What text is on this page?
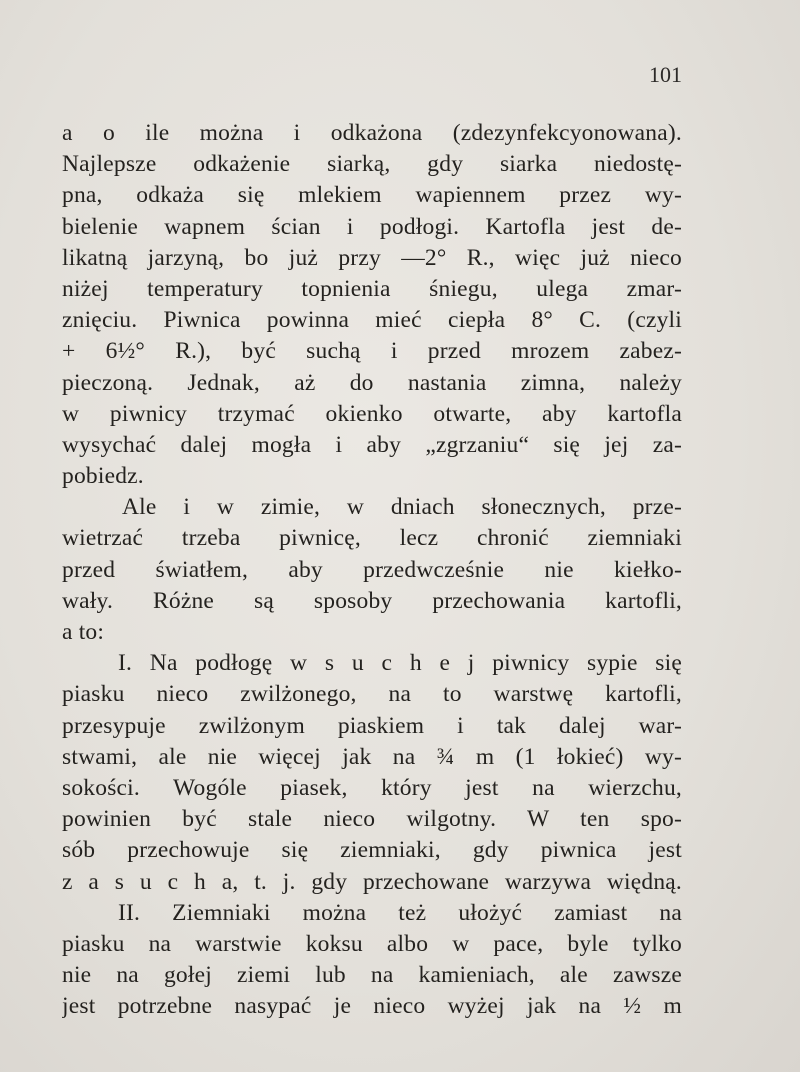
101
a o ile można i odkażona (zdezynfekcyonowana).
Najlepsze odkażenie siarką, gdy siarka niedostę-
pna, odkaża się mlekiem wapiennem przez wy-
bielenie wapnem ścian i podłogi. Kartofla jest de-
likatną jarzyną, bo już przy —2° R., więc już nieco
niżej temperatury topnienia śniegu, ulega zmar-
znięciu. Piwnica powinna mieć ciepła 8° C. (czyli
+ 6½° R.), być suchą i przed mrozem zabez-
pieczoną. Jednak, aż do nastania zimna, należy
w piwnicy trzymać okienko otwarte, aby kartofla
wysychać dalej mogła i aby „zgrzaniu“ się jej za-
pobiedz.
Ale i w zimie, w dniach słonecznych, prze-
wietrzać trzeba piwnicę, lecz chronić ziemniaki
przed światłem, aby przedwcześnie nie kiełko-
wały. Różne są sposoby przechowania kartofli,
a to:
I. Na podłogę w s u c h e j piwnicy sypie się
piasku nieco zwilżonego, na to warstwę kartofli,
przesypuje zwilżonym piaskiem i tak dalej war-
stwami, ale nie więcej jak na ¾ m (1 łokieć) wy-
sokości. Wogóle piasek, który jest na wierzchu,
powinien być stale nieco wilgotny. W ten spo-
sób przechowuje się ziemniaki, gdy piwnica jest
z a s u c h a, t. j. gdy przechowane warzywa więdną.
II. Ziemniaki można też ułożyć zamiast na
piasku na warstwie koksu albo w pace, byle tylko
nie na gołej ziemi lub na kamieniach, ale zawsze
jest potrzebne nasypać je nieco wyżej jak na ½ m
